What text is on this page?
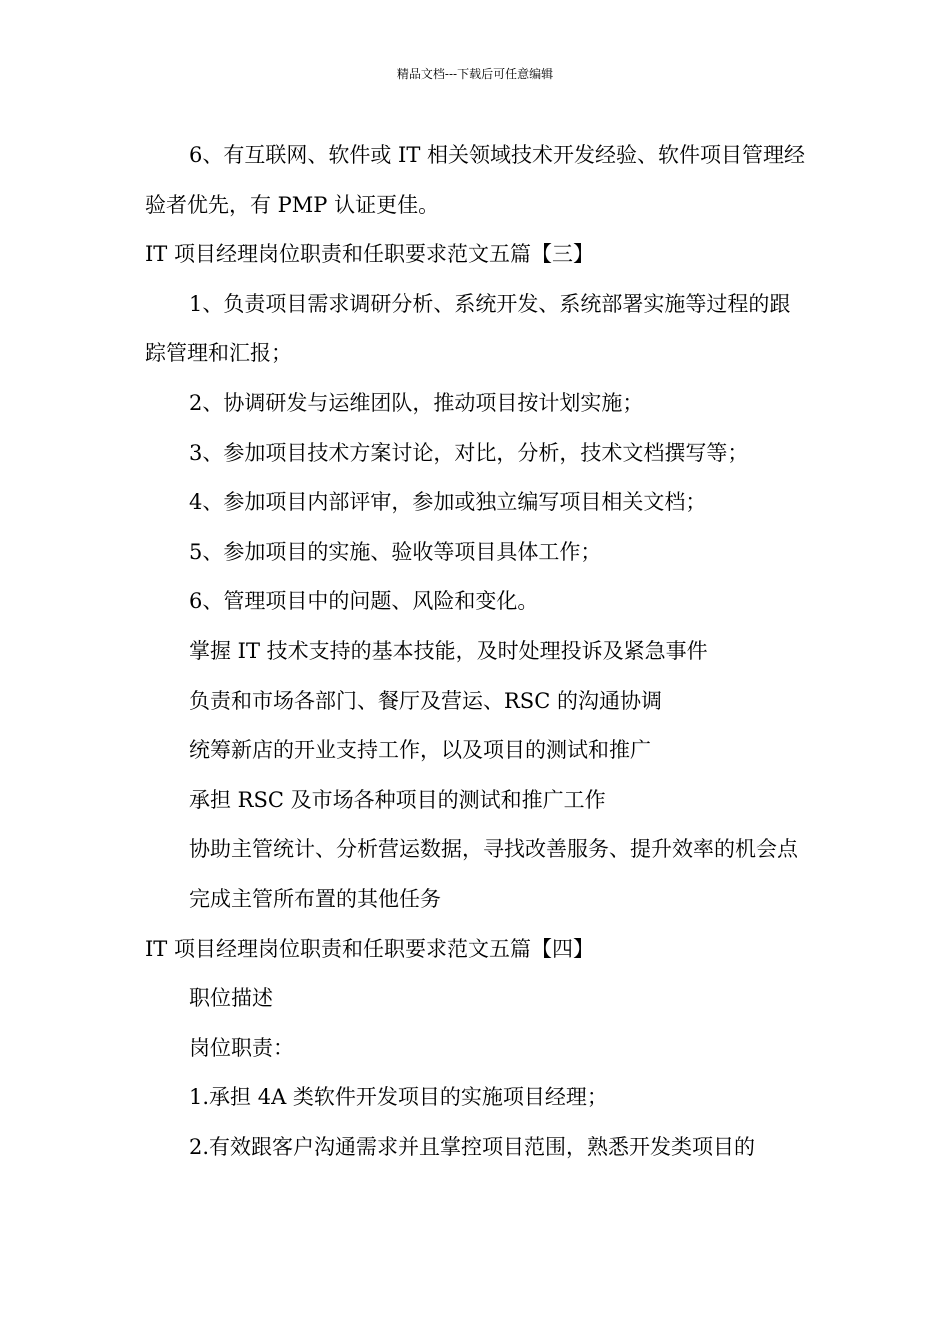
精品文档---下载后可任意编辑

6、有互联网、软件或 IT 相关领域技术开发经验、软件项目管理经验者优先，有 PMP 认证更佳。

IT 项目经理岗位职责和任职要求范文五篇【三】

1、负责项目需求调研分析、系统开发、系统部署实施等过程的跟踪管理和汇报；

2、协调研发与运维团队，推动项目按计划实施；

3、参加项目技术方案讨论，对比，分析，技术文档撰写等；

4、参加项目内部评审，参加或独立编写项目相关文档；

5、参加项目的实施、验收等项目具体工作；

6、管理项目中的问题、风险和变化。

掌握 IT 技术支持的基本技能，及时处理投诉及紧急事件

负责和市场各部门、餐厅及营运、RSC 的沟通协调

统筹新店的开业支持工作，以及项目的测试和推广

承担 RSC 及市场各种项目的测试和推广工作

协助主管统计、分析营运数据，寻找改善服务、提升效率的机会点

完成主管所布置的其他任务

IT 项目经理岗位职责和任职要求范文五篇【四】

职位描述

岗位职责：

1.承担 4A 类软件开发项目的实施项目经理；

2.有效跟客户沟通需求并且掌控项目范围，熟悉开发类项目的
